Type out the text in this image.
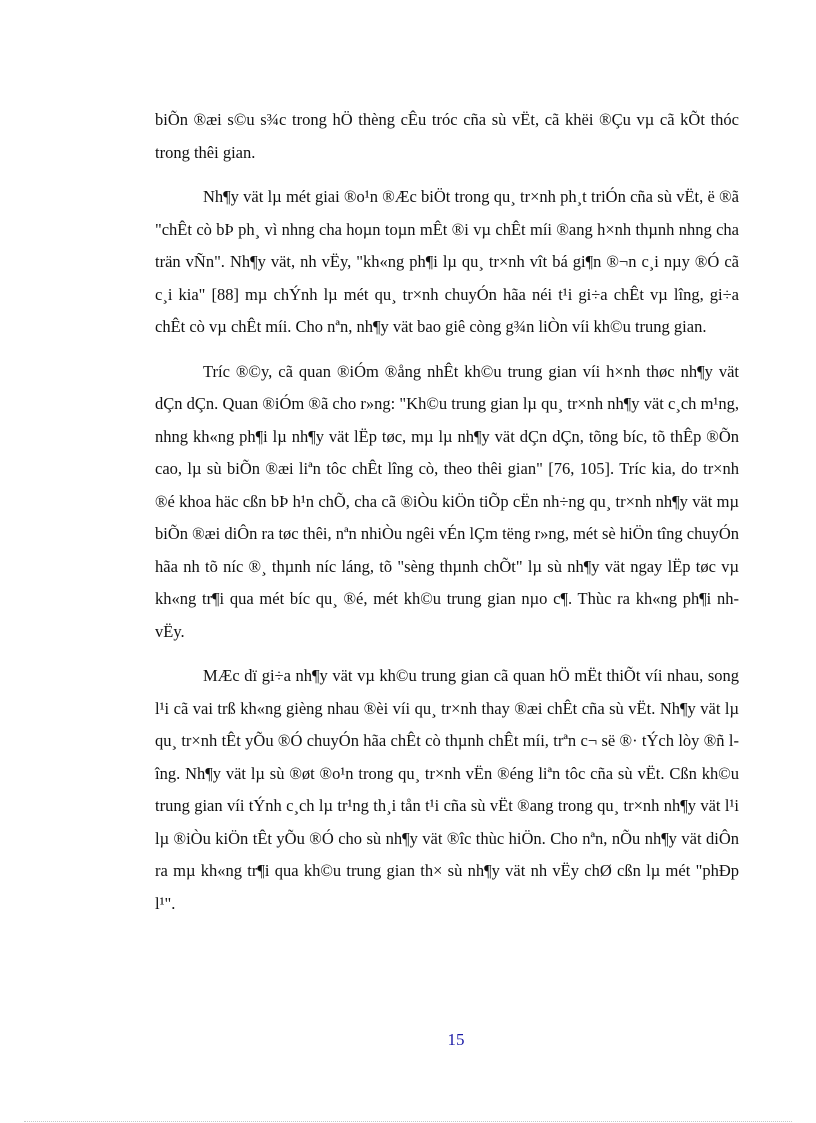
biÕn ®æi s©u s¾c trong hÖ thèng cÊu tróc cña sù vËt, cã khëi ®Çu vµ cã kÕt thóc trong thêi gian.

Nh¶y vät lµ mét giai ®o¹n ®Æc biÖt trong qu¸ tr×nh ph¸t triÓn cña sù vËt, ë ®ã "chÊt cò bÞ ph¸ vì nhng cha hoµn toµn mÊt ®i vµ chÊt míi ®ang h×nh thµnh nhng cha trän vÑn". Nh¶y vät, nh vËy, "kh«ng ph¶i lµ qu¸ tr×nh vît bá gi¶n ®¬n c¸i nµy ®Ó cã c¸i kia" [88] mµ chÝnh lµ mét qu¸ tr×nh chuyÓn hãa néi t¹i gi÷a chÊt vµ lîng, gi÷a chÊt cò vµ chÊt míi. Cho nªn, nh¶y vät bao giê còng g¾n liÒn víi kh©u trung gian.

Tríc ®©y, cã quan ®iÓm ®ång nhÊt kh©u trung gian víi h×nh thøc nh¶y vät dÇn dÇn. Quan ®iÓm ®ã cho r»ng: "Kh©u trung gian lµ qu¸ tr×nh nh¶y vät c¸ch m¹ng, nhng kh«ng ph¶i lµ nh¶y vät lËp tøc, mµ lµ nh¶y vät dÇn dÇn, tõng bíc, tõ thÊp ®Õn cao, lµ sù biÕn ®æi liªn tôc chÊt lîng cò, theo thêi gian" [76, 105]. Tríc kia, do tr×nh ®é khoa häc cßn bÞ h¹n chÕ, cha cã ®iÒu kiÖn tiÕp cËn nh÷ng qu¸ tr×nh nh¶y vät mµ biÕn ®æi diÔn ra tøc thêi, nªn nhiÒu ngêi vÉn lÇm tëng r»ng, mét sè hiÖn tîng chuyÓn hãa nh tõ níc ®¸ thµnh níc láng, tõ "sèng thµnh chÕt" lµ sù nh¶y vät ngay lËp tøc vµ kh«ng tr¶i qua mét bíc qu¸ ®é, mét kh©u trung gian nµo c¶. Thùc ra kh«ng ph¶i nh vËy.

MÆc dï gi÷a nh¶y vät vµ kh©u trung gian cã quan hÖ mËt thiÕt víi nhau, song l¹i cã vai trß kh«ng gièng nhau ®èi víi qu¸ tr×nh thay ®æi chÊt cña sù vËt. Nh¶y vät lµ qu¸ tr×nh tÊt yÕu ®Ó chuyÓn hãa chÊt cò thµnh chÊt míi, trªn c¬ së ®· tÝch lòy ®ñ lîng. Nh¶y vät lµ sù ®øt ®o¹n trong qu¸ tr×nh vËn ®éng liªn tôc cña sù vËt. Cßn kh©u trung gian víi tÝnh c¸ch lµ tr¹ng th¸i tån t¹i cña sù vËt ®ang trong qu¸ tr×nh nh¶y vät l¹i lµ ®iÒu kiÖn tÊt yÕu ®Ó cho sù nh¶y vät ®îc thùc hiÖn. Cho nªn, nÕu nh¶y vät diÔn ra mµ kh«ng tr¶i qua kh©u trung gian th× sù nh¶y vät nh vËy chØ cßn lµ mét "phÐp l¹".

15
